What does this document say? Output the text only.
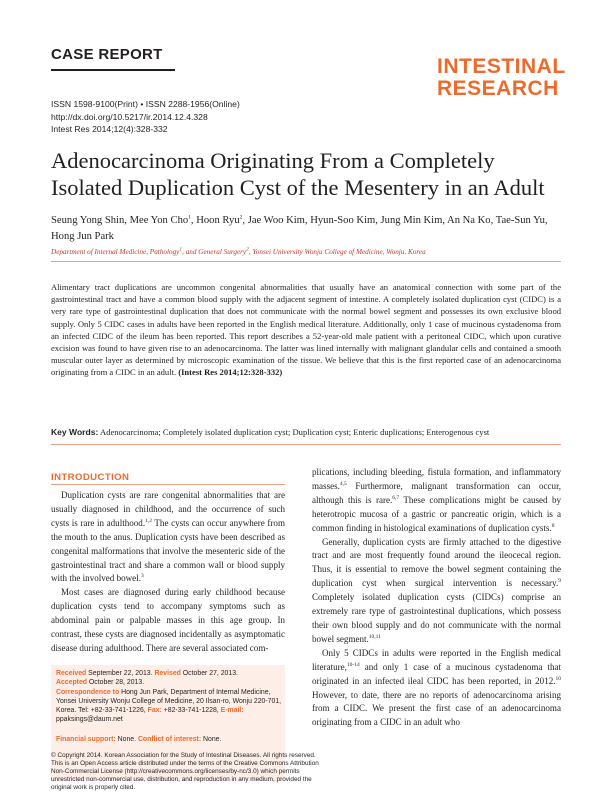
CASE REPORT
INTESTINAL
RESEARCH
ISSN 1598-9100(Print) • ISSN 2288-1956(Online)
http://dx.doi.org/10.5217/ir.2014.12.4.328
Intest Res 2014;12(4):328-332
Adenocarcinoma Originating From a Completely Isolated Duplication Cyst of the Mesentery in an Adult
Seung Yong Shin, Mee Yon Cho$^1$, Hoon Ryu$^2$, Jae Woo Kim, Hyun-Soo Kim, Jung Min Kim, An Na Ko, Tae-Sun Yu, Hong Jun Park
Department of Internal Medicine, Pathology$^1$, and General Surgery$^2$, Yonsei University Wonju College of Medicine, Wonju, Korea
Alimentary tract duplications are uncommon congenital abnormalities that usually have an anatomical connection with some part of the gastrointestinal tract and have a common blood supply with the adjacent segment of intestine. A completely isolated duplication cyst (CIDC) is a very rare type of gastrointestinal duplication that does not communicate with the normal bowel segment and possesses its own exclusive blood supply. Only 5 CIDC cases in adults have been reported in the English medical literature. Additionally, only 1 case of mucinous cystadenoma from an infected CIDC of the ileum has been reported. This report describes a 52-year-old male patient with a peritoneal CIDC, which upon curative excision was found to have given rise to an adenocarcinoma. The latter was lined internally with malignant glandular cells and contained a smooth muscular outer layer as determined by microscopic examination of the tissue. We believe that this is the first reported case of an adenocarcinoma originating from a CIDC in an adult. (Intest Res 2014;12:328-332)
Key Words: Adenocarcinoma; Completely isolated duplication cyst; Duplication cyst; Enteric duplications; Enterogenous cyst
INTRODUCTION

Duplication cysts are rare congenital abnormalities that are usually diagnosed in childhood, and the occurrence of such cysts is rare in adulthood.$^{1,2}$ The cysts can occur anywhere from the mouth to the anus. Duplication cysts have been described as congenital malformations that involve the mesenteric side of the gastrointestinal tract and share a common wall or blood supply with the involved bowel.$^3$

Most cases are diagnosed during early childhood because duplication cysts tend to accompany symptoms such as abdominal pain or palpable masses in this age group. In contrast, these cysts are diagnosed incidentally as asymptomatic disease during adulthood. There are several associated com-

plications, including bleeding, fistula formation, and inflammatory masses.$^{4,5}$ Furthermore, malignant transformation can occur, although this is rare.$^{6,7}$ These complications might be caused by heterotropic mucosa of a gastric or pancreatic origin, which is a common finding in histological examinations of duplication cysts.$^8$

Generally, duplication cysts are firmly attached to the digestive tract and are most frequently found around the ileocecal region. Thus, it is essential to remove the bowel segment containing the duplication cyst when surgical intervention is necessary.$^9$ Completely isolated duplication cysts (CIDCs) comprise an extremely rare type of gastrointestinal duplications, which possess their own blood supply and do not communicate with the normal bowel segment.$^{10,11}$

Only 5 CIDCs in adults were reported in the English medical literature,$^{10-14}$ and only 1 case of a mucinous cystadenoma that originated in an infected ileal CIDC has been reported, in 2012.10 However, to date, there are no reports of adenocarcinoma arising from a CIDC. We present the first case of an adenocarcinoma originating from a CIDC in an adult who

Received September 22, 2013. Revised October 27, 2013.
Accepted October 28, 2013.
Correspondence to Hong Jun Park, Department of Internal Medicine, Yonsei University Wonju College of Medicine, 20 Ilsan-ro, Wonju 220-701, Korea. Tel: +82-33-741-1226, Fax: +82-33-741-1228, E-mail: ppaksings@daum.net
Financial support: None. Conflict of interest: None.
© Copyright 2014. Korean Association for the Study of Intestinal Diseases. All rights reserved.
This is an Open Access article distributed under the terms of the Creative Commons Attribution Non-Commercial License (http://creativecommons.org/licenses/by-nc/3.0) which permits unrestricted non-commercial use, distribution, and reproduction in any medium, provided the original work is properly cited.
